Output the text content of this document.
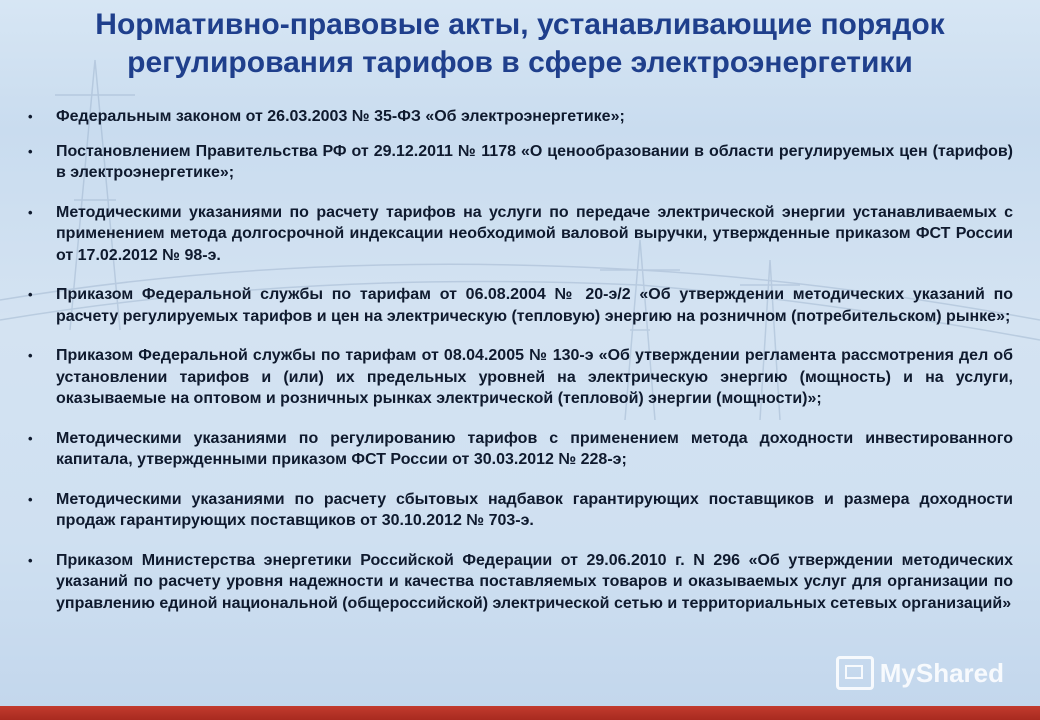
Нормативно-правовые акты, устанавливающие порядок регулирования тарифов в сфере электроэнергетики
• Федеральным законом от 26.03.2003 № 35-ФЗ «Об электроэнергетике»;
• Постановлением Правительства РФ от 29.12.2011 № 1178 «О ценообразовании в области регулируемых цен (тарифов) в электроэнергетике»;
• Методическими указаниями по расчету тарифов на услуги по передаче электрической энергии устанавливаемых с применением метода долгосрочной индексации необходимой валовой выручки, утвержденные приказом ФСТ России от 17.02.2012 № 98-э.
• Приказом Федеральной службы по тарифам от 06.08.2004 № 20-э/2 «Об утверждении методических указаний по расчету регулируемых тарифов и цен на электрическую (тепловую) энергию на розничном (потребительском) рынке»;
• Приказом Федеральной службы по тарифам от 08.04.2005 № 130-э «Об утверждении регламента рассмотрения дел об установлении тарифов и (или) их предельных уровней на электрическую энергию (мощность) и на услуги, оказываемые на оптовом и розничных рынках электрической (тепловой) энергии (мощности)»;
• Методическими указаниями по регулированию тарифов с применением метода доходности инвестированного капитала, утвержденными приказом ФСТ России от 30.03.2012 № 228-э;
• Методическими указаниями по расчету сбытовых надбавок гарантирующих поставщиков и размера доходности продаж гарантирующих поставщиков от 30.10.2012 № 703-э.
• Приказом Министерства энергетики Российской Федерации от 29.06.2010 г. N 296 «Об утверждении методических указаний по расчету уровня надежности и качества поставляемых товаров и оказываемых услуг для организации по управлению единой национальной (общероссийской) электрической сетью и территориальных сетевых организаций»
MyShared
